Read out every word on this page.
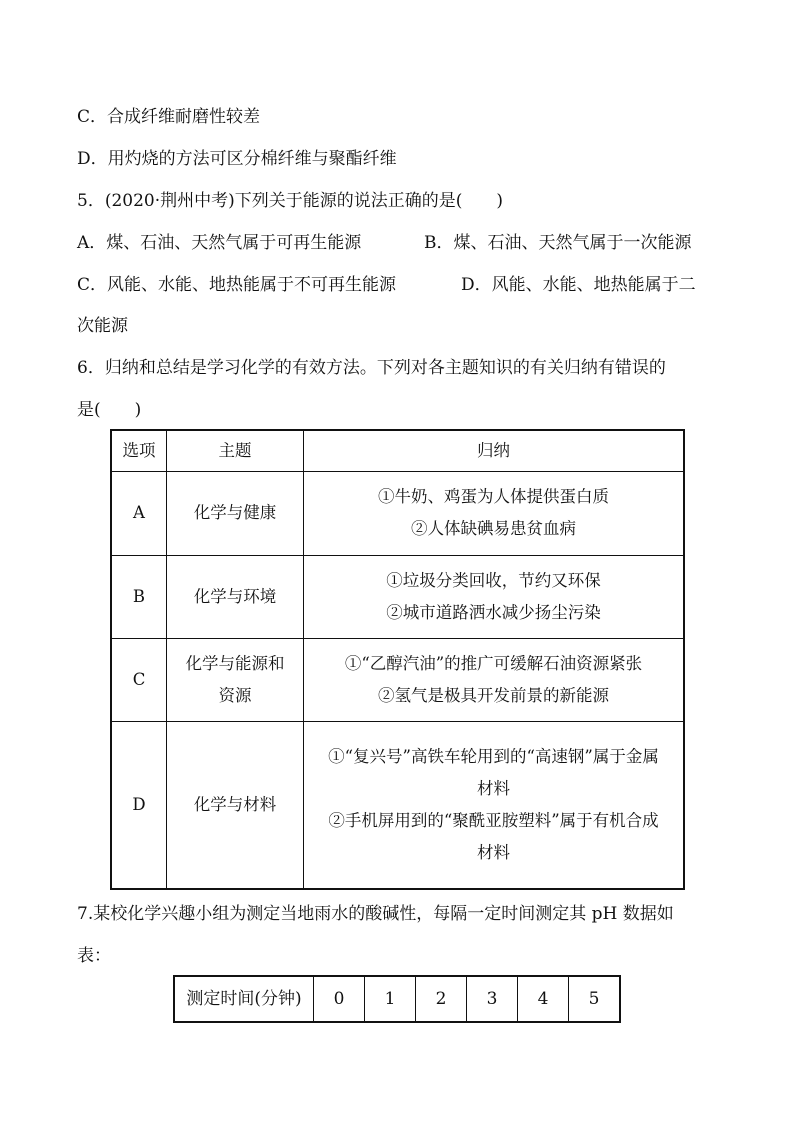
C．合成纤维耐磨性较差
D．用灼烧的方法可区分棉纤维与聚酯纤维
5．(2020·荆州中考)下列关于能源的说法正确的是(　　)
A．煤、石油、天然气属于可再生能源	B．煤、石油、天然气属于一次能源
C．风能、水能、地热能属于不可再生能源	D．风能、水能、地热能属于二
次能源
6．归纳和总结是学习化学的有效方法。下列对各主题知识的有关归纳有错误的
是(　　)
选项	主题	归纳
A	化学与健康	①牛奶、鸡蛋为人体提供蛋白质
②人体缺碘易患贫血病

B	化学与环境	①垃圾分类回收，节约又环保
②城市道路洒水减少扬尘污染

C	化学与能源和
资源	①“乙醇汽油”的推广可缓解石油资源紧张
②氢气是极具开发前景的新能源

D	化学与材料	①“复兴号”高铁车轮用到的“高速钢”属于金属
材料
②手机屏用到的“聚酰亚胺塑料”属于有机合成
材料
7.某校化学兴趣小组为测定当地雨水的酸碱性，每隔一定时间测定其 pH 数据如
表：
测定时间(分钟)	0	1	2	3	4	5
